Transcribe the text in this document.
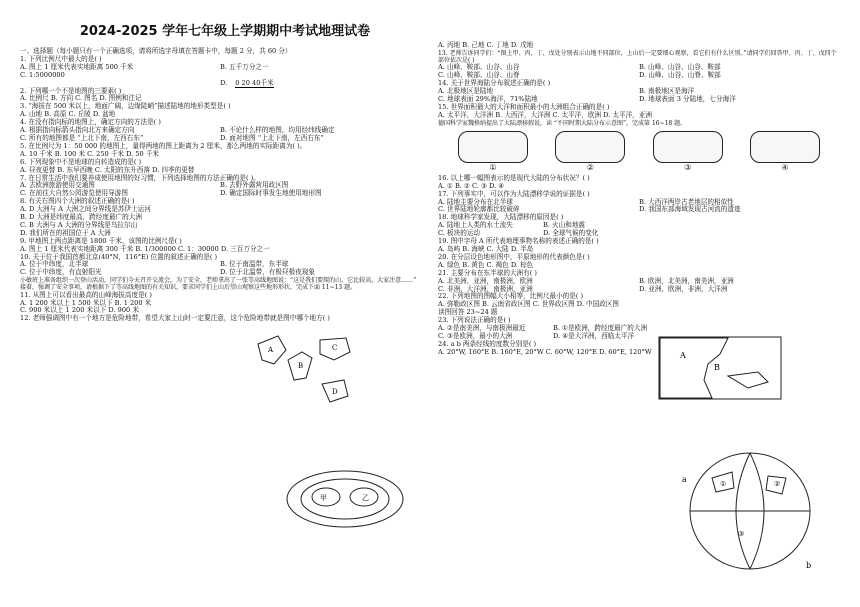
2024-2025 学年七年级上学期期中考试地理试卷
一、选择题（每小题只有一个正确选项，请将所选字母填在答题卡中，每题 2 分，共 60 分）
1. 下列比例尺中最大的是( )
A. 图上 1 厘米代表实地距离 500 千米	B. 五千万分之一
C. 1:5000000
D. 0 20 40千米
2. 下列哪一个不是地图的三要素( )
A. 比例尺 B. 方向 C. 图名 D. 图例和注记
3. “海拔在 500 米以上，地面广阔，边缘陡峭”描述陆地的地形类型是( )
A. 山地 B. 高原 C. 丘陵 D. 盆地
4. 在没有指向标的地图上，确定方向的方法是( )
A. 根据指向标箭头指向北方来确定方向	B. 不论什么样的地图，均用经纬线确定
C. 所有的地图都是 “上北下南，左西右东”	D. 面对地图 “上北下南，左西右东”
5. 在比例尺为 1：50 000 的地图上，量得两地的图上距离为 2 厘米，那么两地的实际距离为( )。
A. 10 千米 B. 100 米 C. 250 千米 D. 50 千米
6. 下列现象中不是地球的自转造成的是( )
A. 昼夜更替 B. 东早西晚 C. 太阳的东升西落 D. 四季的更替
7. 在日常生活中我们要养成使用地图的好习惯，下列选择地图的方法正确的是( )。
A. 去欧洲旅游使用交通图	B. 去野外露营用政区图
C. 在前往大自然公园游览使用导游图	D. 确定国际时事发生地使用地形图
8. 有关右图四个大洲的叙述正确的是( )
A. D 大洲与 A 大洲之间分界线是苏伊士运河
B. D 大洲是纬度最高，跨经度最广的大洲
C. B 大洲与 A 大洲的分界线是乌拉尔山
D. 我们所在的祖国位于 A 大洲
9. 甲地图上两点距离是 1800 千米，该图的比例尺是( )
A. 图上 1 厘米代表实地距离 300 千米 B. 1/300000 C. 1：30000 D. 三百万分之一
10. 关于位于我国首都北京(40°N，116°E) 位置的叙述正确的是( )
A. 位于中纬度，北半球	B. 位于南温带，东半球
C. 位于中纬度，有直射阳光	D. 位于北温带，有极昼极夜现象
小敏班上准备组织一次登山活动，同学们今天召开交流会，为了安全，老师拿出了一张等高线地图说：“这是我们要爬的山，它比较高，大家注意……” 接着，强调了安全事项，请根据下了等高线地图的有关知识，要求同学们上山后望山观察这些地形形状，完成下面 11~13 题。
11. 从图上可以看出最高的山峰海拔高度是( )
A. 1 200 米以上 1 500 米以下 B. 1 200 米
C. 900 米以上 1 200 米以下 D. 900 米
12. 老师强调图中有一个地方是危险地带，希望大家上山时一定要注意，这个危险地带就是图中哪个地方( )
A
B
C
D
甲	乙
A. 丙地 B. 己地 C. 丁地 D. 戊地
13. 老师告诉同学们：“图上甲、丙、丁、戊处分别表示山地不同部位，上山后一定要细心观察，看它们有什么区别。”请同学们回答甲、丙、丁、戊四个部位依次是( )
A. 山峰、鞍部、山谷、山谷	B. 山峰、山谷、山谷、鞍部
C. 山峰、鞍部、山谷、山脊	D. 山峰、山谷、山脊、鞍部
14. 关于世界海陆分布叙述正确的是( )
A. 北极地区是陆地	B. 南极地区是海洋
C. 地球表面 29%海洋，71%陆地	D. 地球表面 3 分陆地，七分海洋
15. 世界面积最大的大洋和面积最小的大洲组合正确的是( )
A. 太平洋，大洋洲 B. 大西洋，大洋洲 C. 太平洋，欧洲 D. 太平洋，亚洲
德国科学家魏格纳提出了大陆漂移假说，读 “不同时期大陆分布示意图”，完成第 16~18 题。
①	②	③	④
16. 以上哪一幅图表示的是现代大陆的分布状况？( )
A. ① B. ② C. ③ D. ④
17. 下列事实中，可以作为大陆漂移学说的证据是( )
A. 陆地主要分布在北半球	B. 大西洋两岸古老地层的相似性
C. 世界陆地轮廓都比较破碎	D. 我国东部海域发现古河流的遗迹
18. 地球科学家发现，大陆漂移的原因是( )
A. 陆地上人类的水土流失	B. 火山和地震
C. 板块的运动	D. 全球气候的变化
19. 图中字母 A 所代表地理事物名称的表述正确的是( )
A. 岛屿 B. 海峡 C. 大陆 D. 半岛
20. 在分层设色地形图中，平原地形的代表颜色是( )
A. 绿色 B. 黄色 C. 褐色 D. 棕色
21. 主要分布在东半球的大洲有( )
A. 北美洲，亚洲，南极洲，欧洲	B. 欧洲，北美洲，南美洲，亚洲
C. 非洲，大洋洲，南极洲，亚洲	D. 亚洲，欧洲，非洲，大洋洲
22. 下列地图的图幅大小相等，比例尺最小的是( )
A. 弥勒政区图 B. 云南省政区图 C. 世界政区图 D. 中国政区图
读图回答 23~24 题
23. 下列说法正确的是( )
A. ②是南美洲，与南极洲最近	B. ①是欧洲，跨经度最广的大洲
C. ③是欧洲，最小的大洲	D. ④是大洋洲，西临太平洋
24. a b 两条经线的度数分别是( )
A. 20°W, 160°E B. 160°E, 20°W C. 60°W, 120°E D. 60°E, 120°W	A
B
a
b
①	②
③
